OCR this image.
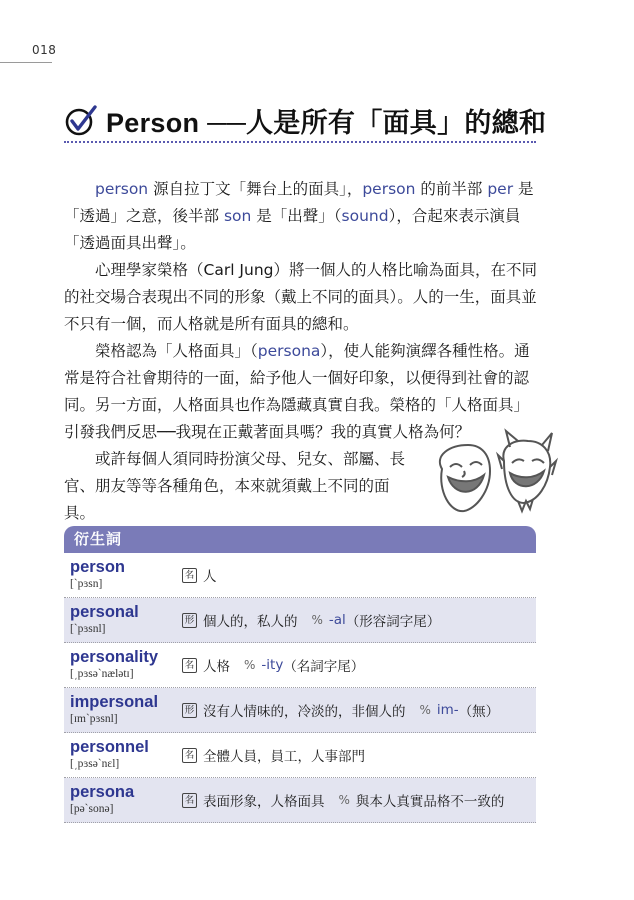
018
Person ──人是所有「面具」的總和

person 源自拉丁文「舞台上的面具」，person 的前半部 per 是「透過」之意，後半部 son 是「出聲」（sound），合起來表示演員「透過面具出聲」。

心理學家榮格（Carl Jung）將一個人的人格比喻為面具，在不同的社交場合表現出不同的形象（戴上不同的面具）。人的一生，面具並不只有一個，而人格就是所有面具的總和。

榮格認為「人格面具」（persona），使人能夠演繹各種性格。通常是符合社會期待的一面，給予他人一個好印象，以便得到社會的認同。另一方面，人格面具也作為隱藏真實自我。榮格的「人格面具」引發我們反思──我現在正戴著面具嗎？我的真實人格為何？

或許每個人須同時扮演父母、兒女、部屬、長官、朋友等等各種角色，本來就須戴上不同的面具。

衍生詞
person
[ˋpɜsn]
名 人
personal
[ˋpɜsnl]
形 個人的，私人的 % -al （形容詞字尾）
personality
[͵pɜsəˋnælətɪ]
名 人格 % -ity （名詞字尾）
impersonal
[ɪmˋpɜsnl]
形 沒有人情味的，冷淡的，非個人的 % im- （無）
personnel
[͵pɜsəˋnɛl]
名 全體人員，員工，人事部門
persona
[pəˋsonə]
名 表面形象，人格面具 % 與本人真實品格不一致的
